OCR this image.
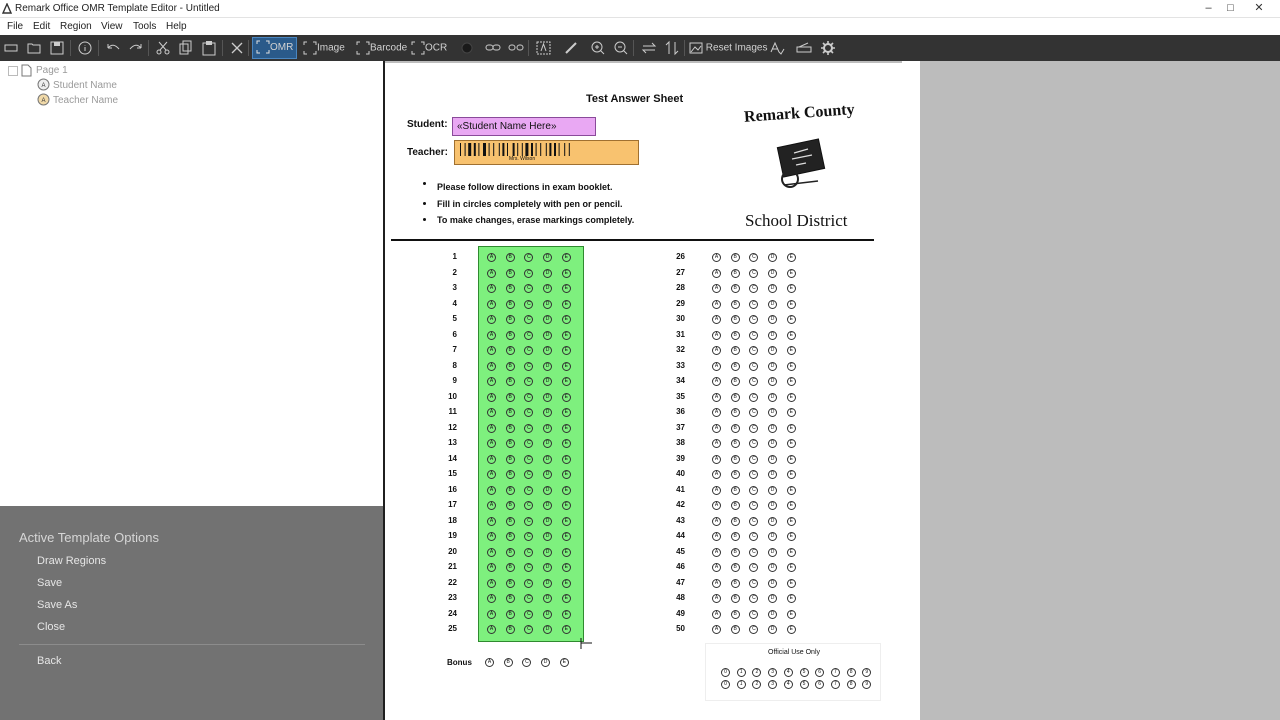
Remark Office OMR Template Editor - Untitled	–	□	✕
File Edit Region View Tools Help
OMR	Image	Barcode	OCR	Reset Images
Page 1
A Student Name
A Teacher Name
Active Template Options
Draw Regions
Save
Save As
Close
Back
Test Answer Sheet
Student: «Student Name Here»
Teacher:
Mrs. Wilson
Please follow directions in exam booklet.
Fill in circles completely with pen or pencil.
To make changes, erase markings completely.
Remark County
School District
1	A	B	C	D	E
2	A	B	C	D	E
3	A	B	C	D	E
4	A	B	C	D	E
5	A	B	C	D	E
6	A	B	C	D	E
7	A	B	C	D	E
8	A	B	C	D	E
9	A	B	C	D	E
10	A	B	C	D	E
11	A	B	C	D	E
12	A	B	C	D	E
13	A	B	C	D	E
14	A	B	C	D	E
15	A	B	C	D	E
16	A	B	C	D	E
17	A	B	C	D	E
18	A	B	C	D	E
19	A	B	C	D	E
20	A	B	C	D	E
21	A	B	C	D	E
22	A	B	C	D	E
23	A	B	C	D	E
24	A	B	C	D	E
25	A	B	C	D	E
26	A	B	C	D	E
27	A	B	C	D	E
28	A	B	C	D	E
29	A	B	C	D	E
30	A	B	C	D	E
31	A	B	C	D	E
32	A	B	C	D	E
33	A	B	C	D	E
34	A	B	C	D	E
35	A	B	C	D	E
36	A	B	C	D	E
37	A	B	C	D	E
38	A	B	C	D	E
39	A	B	C	D	E
40	A	B	C	D	E
41	A	B	C	D	E
42	A	B	C	D	E
43	A	B	C	D	E
44	A	B	C	D	E
45	A	B	C	D	E
46	A	B	C	D	E
47	A	B	C	D	E
48	A	B	C	D	E
49	A	B	C	D	E
50	A	B	C	D	E
Bonus	A	B	C	D	E
Official Use Only
0	1	2	3	4	5	6	7	8	9
0	1	2	3	4	5	6	7	8	9
